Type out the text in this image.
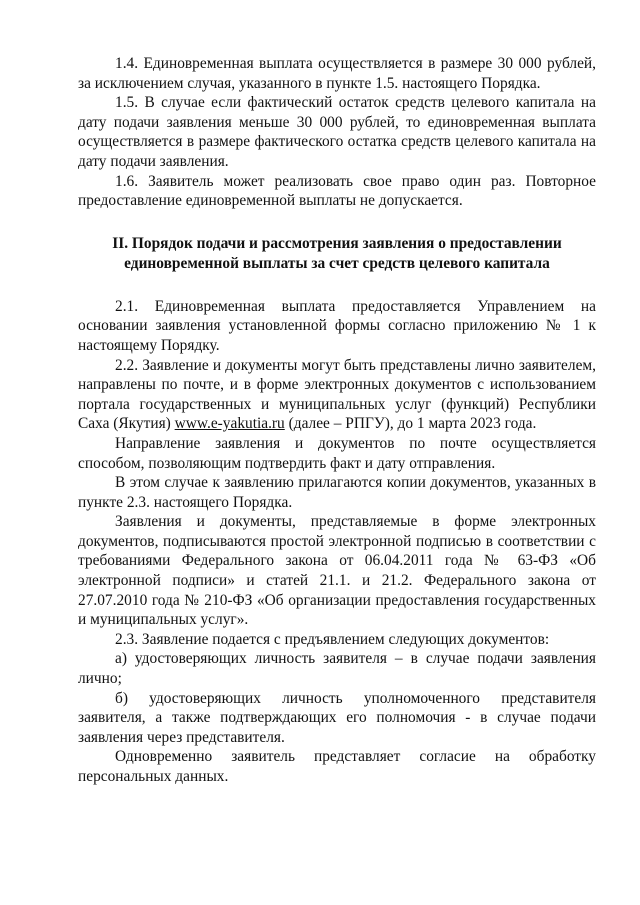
1.4. Единовременная выплата осуществляется в размере 30 000 рублей, за исключением случая, указанного в пункте 1.5. настоящего Порядка.

1.5. В случае если фактический остаток средств целевого капитала на дату подачи заявления меньше 30 000 рублей, то единовременная выплата осуществляется в размере фактического остатка средств целевого капитала на дату подачи заявления.

1.6. Заявитель может реализовать свое право один раз. Повторное предоставление единовременной выплаты не допускается.

II. Порядок подачи и рассмотрения заявления о предоставлении
единовременной выплаты за счет средств целевого капитала

2.1. Единовременная выплата предоставляется Управлением на основании заявления установленной формы согласно приложению № 1 к настоящему Порядку.

2.2. Заявление и документы могут быть представлены лично заявителем, направлены по почте, и в форме электронных документов с использованием портала государственных и муниципальных услуг (функций) Республики Саха (Якутия) www.e-yakutia.ru (далее – РПГУ), до 1 марта 2023 года.

Направление заявления и документов по почте осуществляется способом, позволяющим подтвердить факт и дату отправления.

В этом случае к заявлению прилагаются копии документов, указанных в пункте 2.3. настоящего Порядка.

Заявления и документы, представляемые в форме электронных документов, подписываются простой электронной подписью в соответствии с требованиями Федерального закона от 06.04.2011 года № 63-ФЗ «Об электронной подписи» и статей 21.1. и 21.2. Федерального закона от 27.07.2010 года № 210-ФЗ «Об организации предоставления государственных и муниципальных услуг».

2.3. Заявление подается с предъявлением следующих документов:

а) удостоверяющих личность заявителя – в случае подачи заявления лично;

б) удостоверяющих личность уполномоченного представителя заявителя, а также подтверждающих его полномочия - в случае подачи заявления через представителя.

Одновременно заявитель представляет согласие на обработку персональных данных.
